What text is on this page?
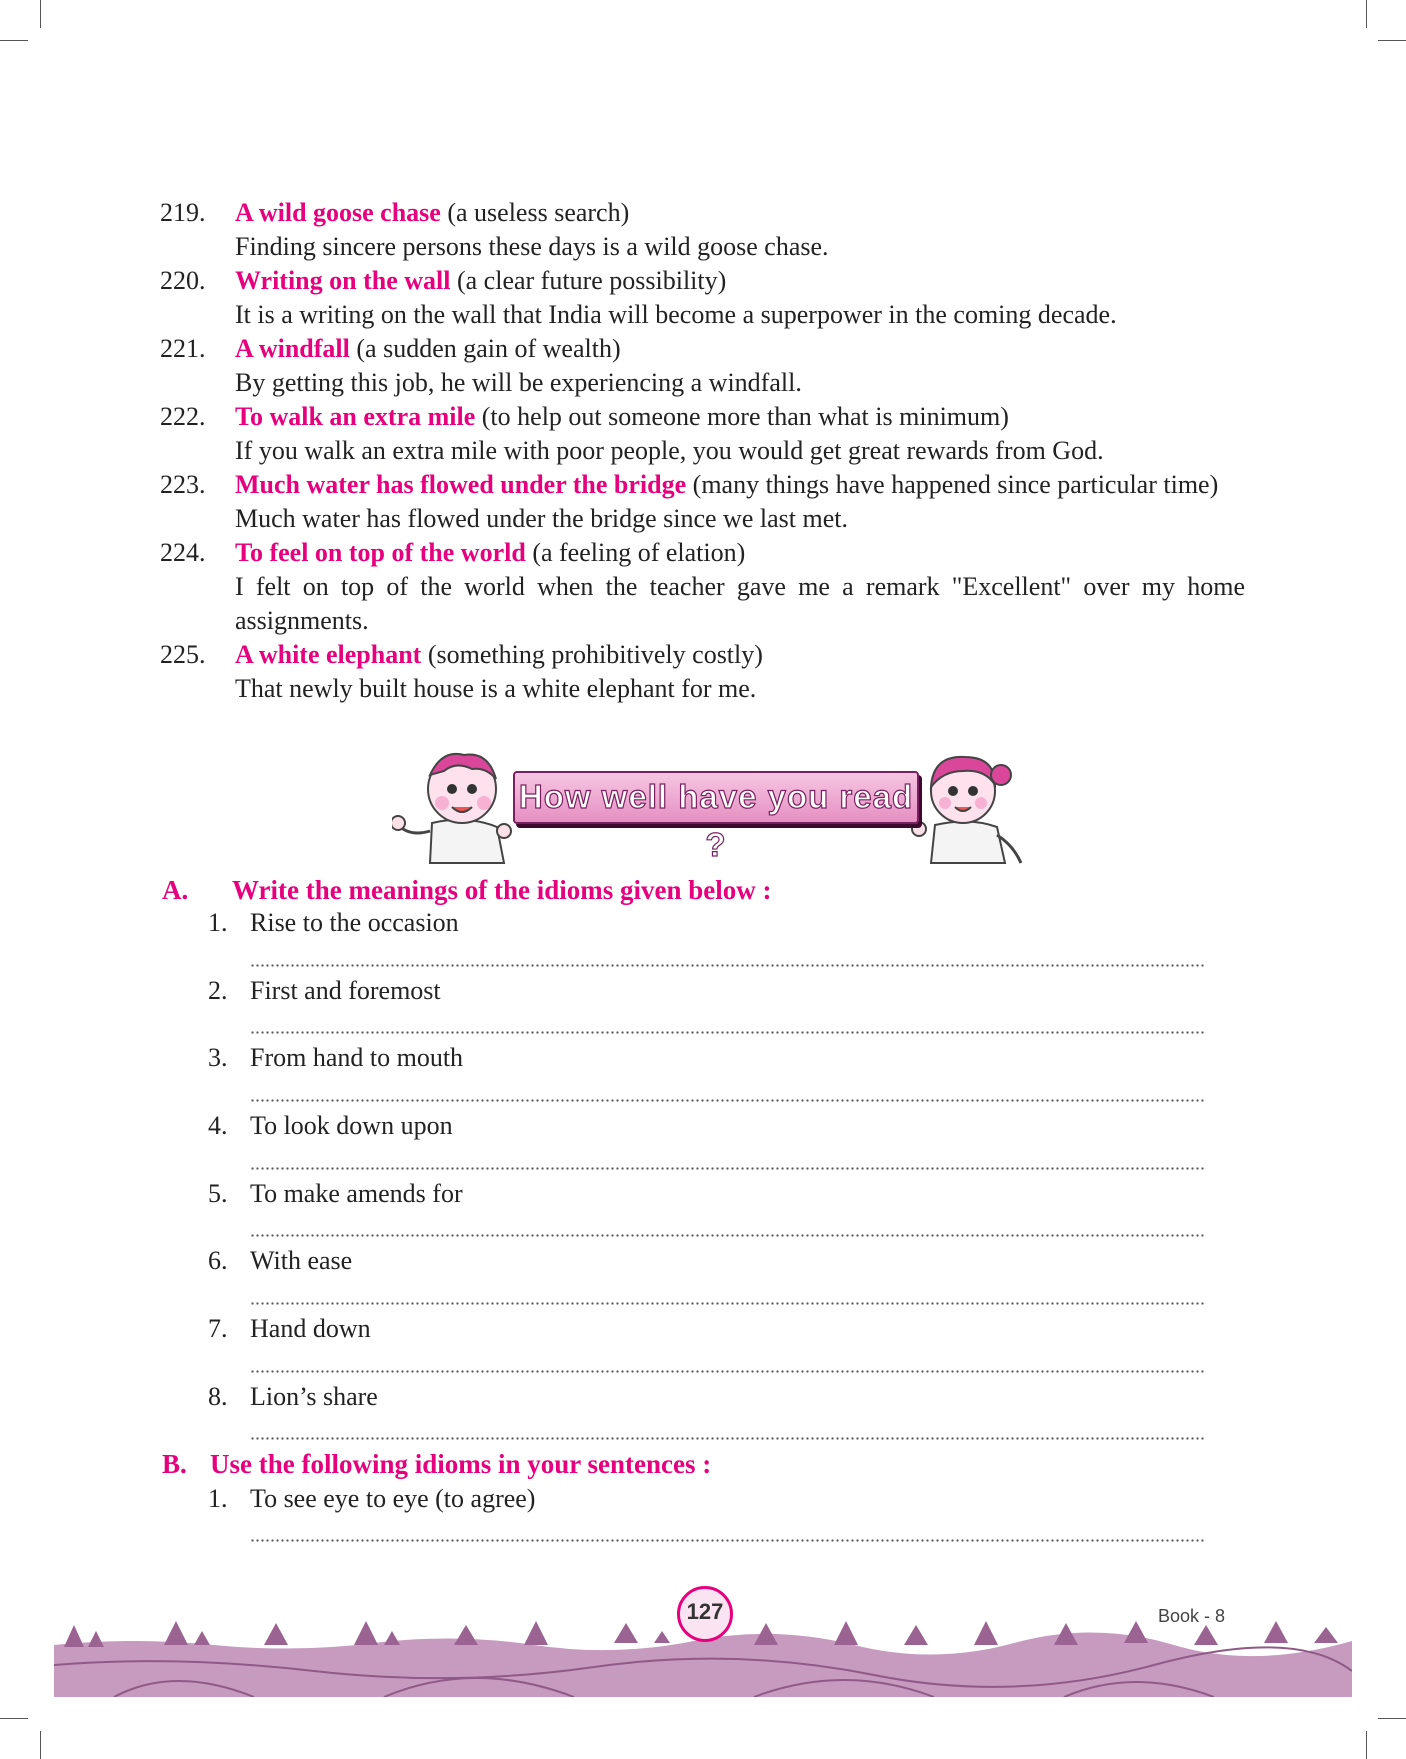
219.	A wild goose chase (a useless search)
Finding sincere persons these days is a wild goose chase.
220.	Writing on the wall (a clear future possibility)
It is a writing on the wall that India will become a superpower in the coming decade.
221.	A windfall (a sudden gain of wealth)
By getting this job, he will be experiencing a windfall.
222.	To walk an extra mile (to help out someone more than what is minimum)
If you walk an extra mile with poor people, you would get great rewards from God.
223.	Much water has flowed under the bridge (many things have happened since particular time)
Much water has flowed under the bridge since we last met.
224.	To feel on top of the world (a feeling of elation)
I felt on top of the world when the teacher gave me a remark "Excellent" over my home assignments.
225.	A white elephant (something prohibitively costly)
That newly built house is a white elephant for me.
How well have you read ?
A. Write the meanings of the idioms given below :
1. Rise to the occasion
2. First and foremost
3. From hand to mouth
4. To look down upon
5. To make amends for
6. With ease
7. Hand down
8. Lion’s share
B. Use the following idioms in your sentences :
1. To see eye to eye (to agree)
127	Book - 8
